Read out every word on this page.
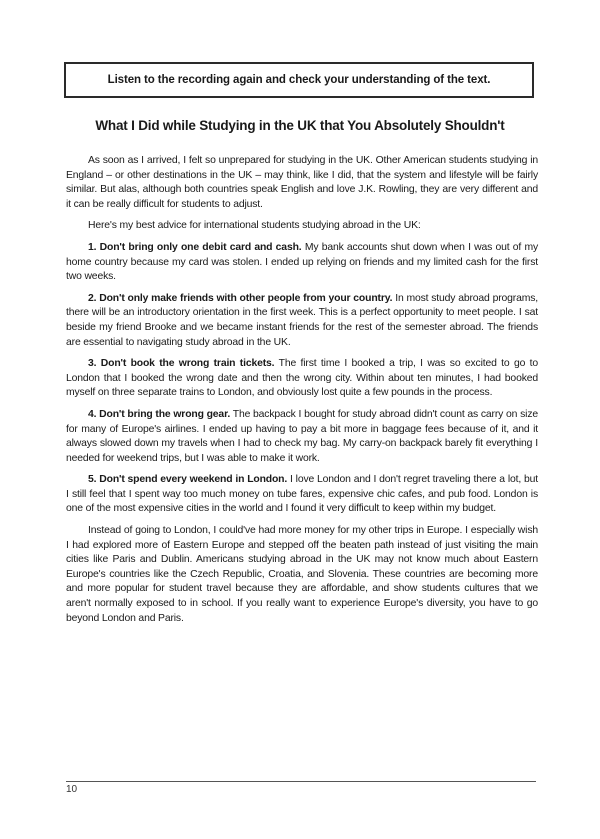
Listen to the recording again and check your understanding of the text.
What I Did while Studying in the UK that You Absolutely Shouldn't

As soon as I arrived, I felt so unprepared for studying in the UK. Other American students studying in England – or other destinations in the UK – may think, like I did, that the system and lifestyle will be fairly similar. But alas, although both countries speak English and love J.K. Rowling, they are very different and it can be really difficult for students to adjust.

Here's my best advice for international students studying abroad in the UK:

1. Don't bring only one debit card and cash. My bank accounts shut down when I was out of my home country because my card was stolen. I ended up relying on friends and my limited cash for the first two weeks.

2. Don't only make friends with other people from your country. In most study abroad programs, there will be an introductory orientation in the first week. This is a perfect opportunity to meet people. I sat beside my friend Brooke and we became instant friends for the rest of the semester abroad. The friends are essential to navigating study abroad in the UK.

3. Don't book the wrong train tickets. The first time I booked a trip, I was so excited to go to London that I booked the wrong date and then the wrong city. Within about ten minutes, I had booked myself on three separate trains to London, and obviously lost quite a few pounds in the process.

4. Don't bring the wrong gear. The backpack I bought for study abroad didn't count as carry on size for many of Europe's airlines. I ended up having to pay a bit more in baggage fees because of it, and it always slowed down my travels when I had to check my bag. My carry-on backpack barely fit everything I needed for weekend trips, but I was able to make it work.

5. Don't spend every weekend in London. I love London and I don't regret traveling there a lot, but I still feel that I spent way too much money on tube fares, expensive chic cafes, and pub food. London is one of the most expensive cities in the world and I found it very difficult to keep within my budget.

Instead of going to London, I could've had more money for my other trips in Europe. I especially wish I had explored more of Eastern Europe and stepped off the beaten path instead of just visiting the main cities like Paris and Dublin. Americans studying abroad in the UK may not know much about Eastern Europe's countries like the Czech Republic, Croatia, and Slovenia. These countries are becoming more and more popular for student travel because they are affordable, and show students cultures that we aren't normally exposed to in school. If you really want to experience Europe's diversity, you have to go beyond London and Paris.

10
